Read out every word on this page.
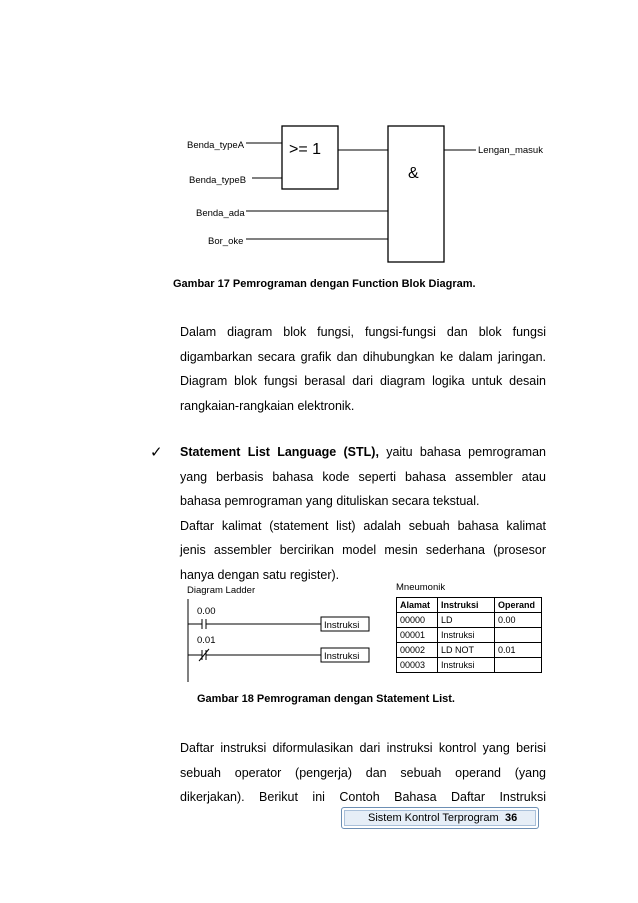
Benda_typeA
Benda_typeB
Benda_ada
Bor_oke
>= 1
&
Lengan_masuk
Gambar 17 Pemrograman dengan Function Blok Diagram.
Dalam diagram blok fungsi, fungsi-fungsi dan blok fungsi
digambarkan secara grafik dan dihubungkan ke dalam jaringan.
Diagram blok fungsi berasal dari diagram logika untuk desain
rangkaian-rangkaian elektronik.
✓ Statement List Language (STL), yaitu bahasa pemrograman
yang berbasis bahasa kode seperti bahasa assembler atau
bahasa pemrograman yang dituliskan secara tekstual.
Daftar kalimat (statement list) adalah sebuah bahasa kalimat
jenis assembler bercirikan model mesin sederhana (prosesor
hanya dengan satu register).
Diagram Ladder
0.00
Instruksi
0.01
Instruksi
Mneumonik
Alamat	Instruksi	Operand
00000	LD	0.00
00001	Instruksi	
00002	LD NOT	0.01
00003	Instruksi	
Gambar 18 Pemrograman dengan Statement List.
Daftar instruksi diformulasikan dari instruksi kontrol yang berisi
sebuah operator (pengerja) dan sebuah operand (yang
dikerjakan). Berikut ini Contoh Bahasa Daftar Instruksi
Sistem Kontrol Terprogram 36
